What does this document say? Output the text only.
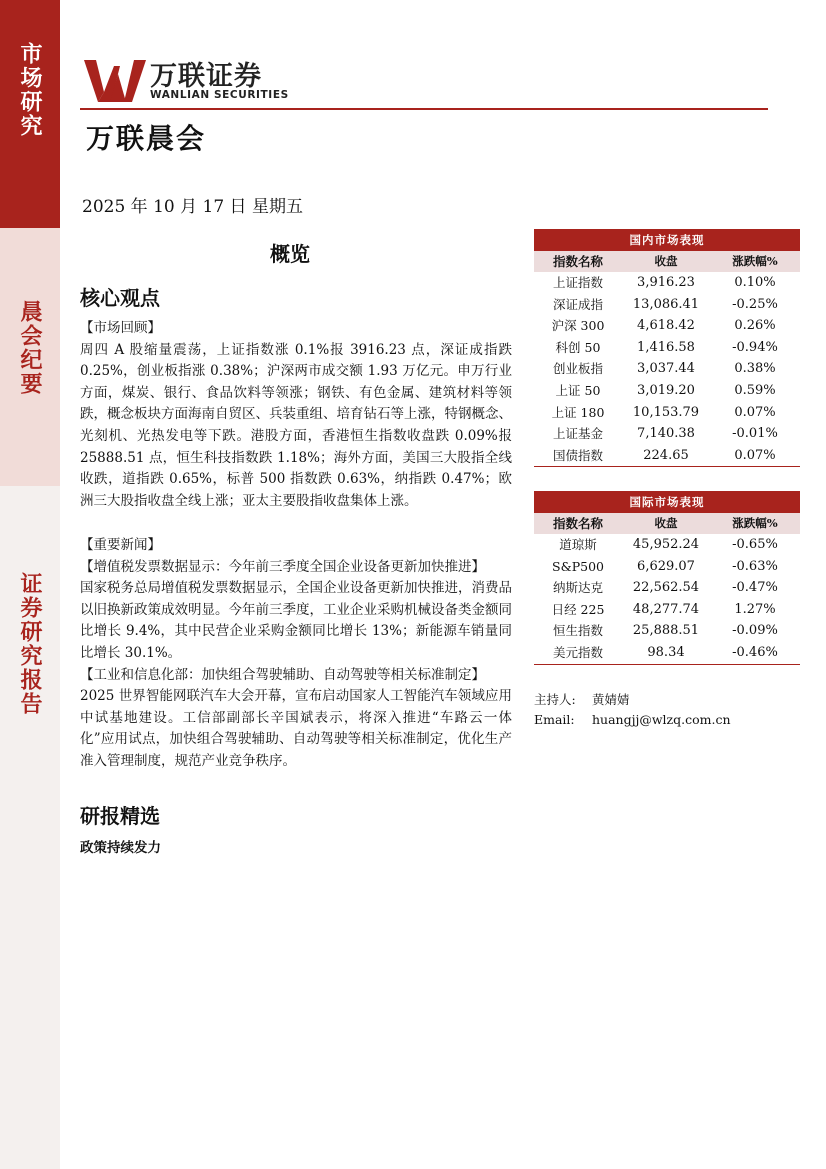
市场研究
晨会纪要
证券研究报告
万联证券
WANLIAN SECURITIES
万联晨会
2025 年 10 月 17 日 星期五
概览
核心观点
【市场回顾】
周四 A 股缩量震荡，上证指数涨 0.1%报 3916.23 点，深证成指跌 0.25%，创业板指涨 0.38%；沪深两市成交额 1.93 万亿元。申万行业方面，煤炭、银行、食品饮料等领涨；钢铁、有色金属、建筑材料等领跌，概念板块方面海南自贸区、兵装重组、培育钻石等上涨，特钢概念、光刻机、光热发电等下跌。港股方面，香港恒生指数收盘跌 0.09%报 25888.51 点，恒生科技指数跌 1.18%；海外方面，美国三大股指全线收跌，道指跌 0.65%，标普 500 指数跌 0.63%，纳指跌 0.47%；欧洲三大股指收盘全线上涨；亚太主要股指收盘集体上涨。
【重要新闻】
【增值税发票数据显示：今年前三季度全国企业设备更新加快推进】
国家税务总局增值税发票数据显示，全国企业设备更新加快推进，消费品以旧换新政策成效明显。今年前三季度，工业企业采购机械设备类金额同比增长 9.4%，其中民营企业采购金额同比增长 13%；新能源车销量同比增长 30.1%。
【工业和信息化部：加快组合驾驶辅助、自动驾驶等相关标准制定】
2025 世界智能网联汽车大会开幕，宣布启动国家人工智能汽车领域应用中试基地建设。工信部副部长辛国斌表示，将深入推进“车路云一体化”应用试点，加快组合驾驶辅助、自动驾驶等相关标准制定，优化生产准入管理制度，规范产业竞争秩序。
研报精选
政策持续发力
国内市场表现
指数名称	收盘	涨跌幅%
上证指数	3,916.23	0.10%
深证成指	13,086.41	-0.25%
沪深 300	4,618.42	0.26%
科创 50	1,416.58	-0.94%
创业板指	3,037.44	0.38%
上证 50	3,019.20	0.59%
上证 180	10,153.79	0.07%
上证基金	7,140.38	-0.01%
国债指数	224.65	0.07%
国际市场表现
指数名称	收盘	涨跌幅%
道琼斯	45,952.24	-0.65%
S&P500	6,629.07	-0.63%
纳斯达克	22,562.54	-0.47%
日经 225	48,277.74	1.27%
恒生指数	25,888.51	-0.09%
美元指数	98.34	-0.46%
主持人: 黄婧婧
Email: huangjj@wlzq.com.cn
